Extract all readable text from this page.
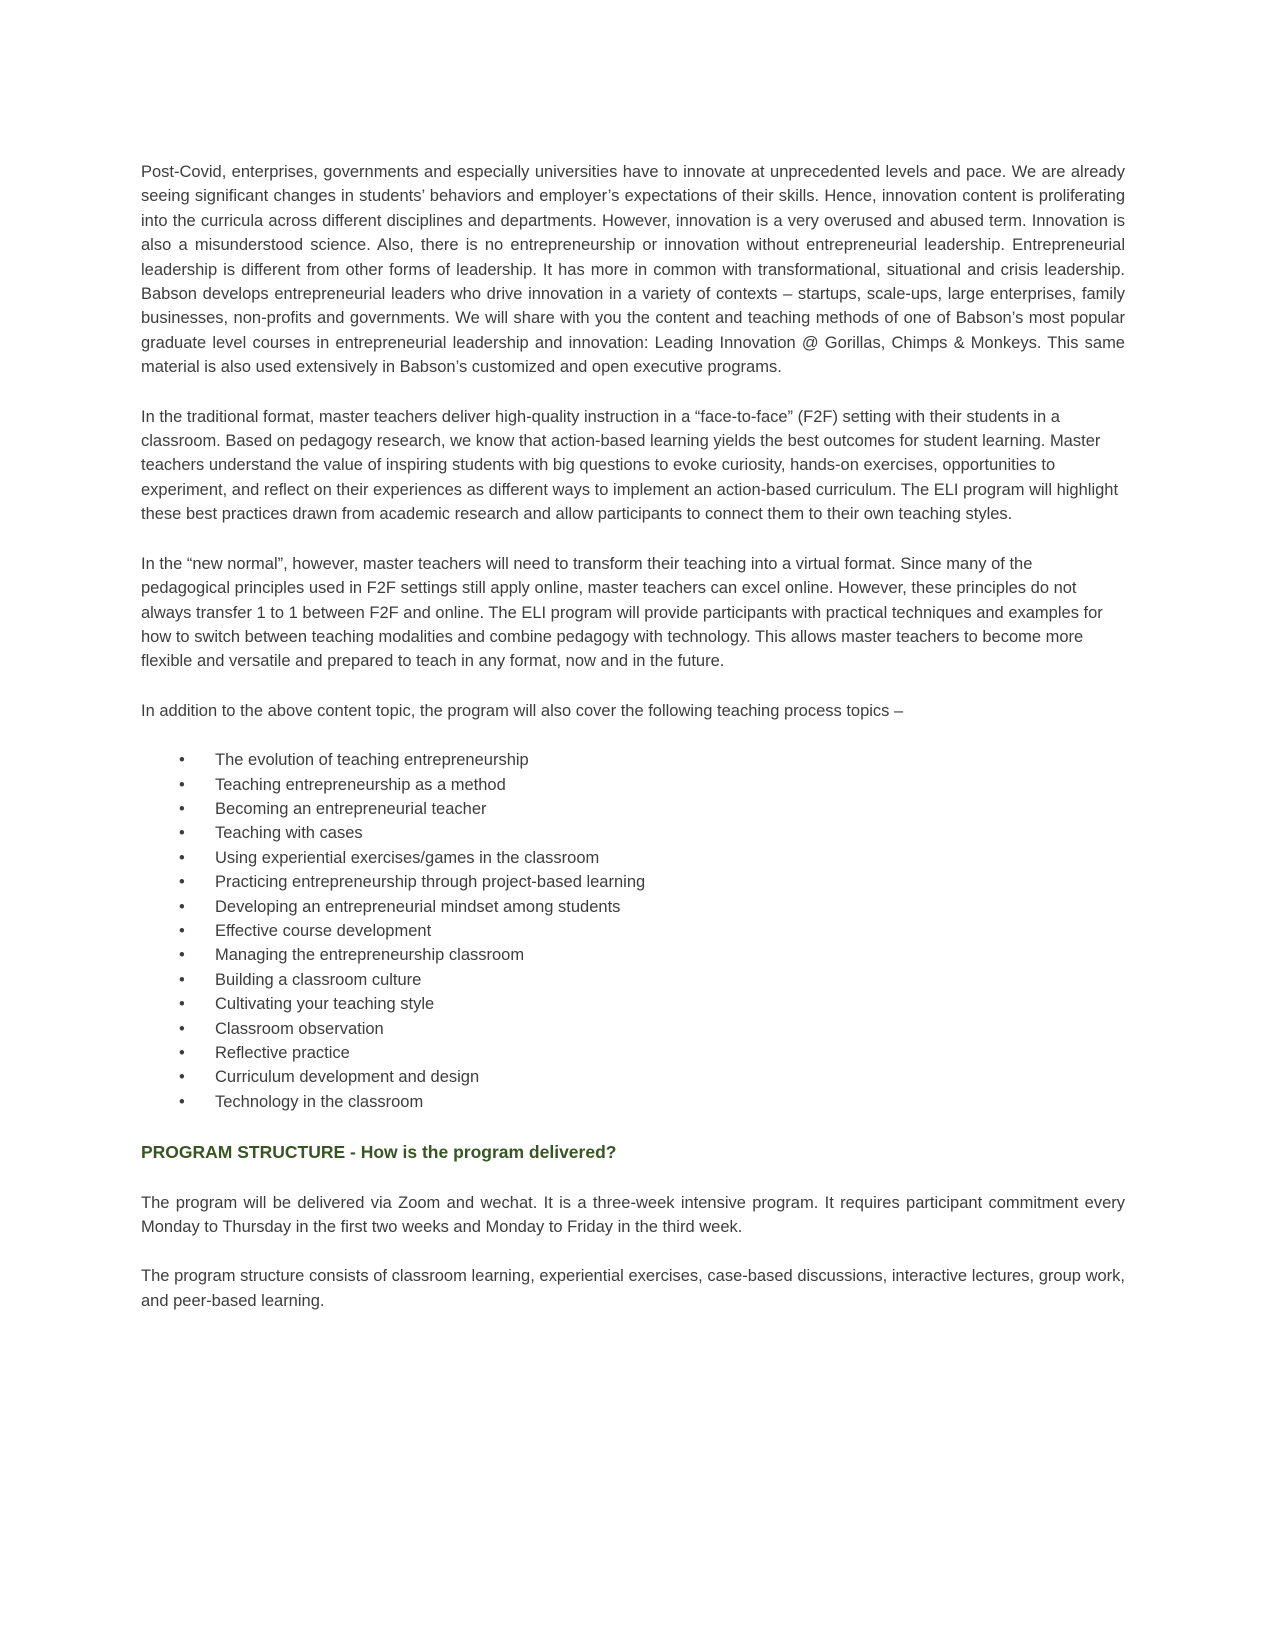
Post-Covid, enterprises, governments and especially universities have to innovate at unprecedented levels and pace. We are already seeing significant changes in students’ behaviors and employer’s expectations of their skills. Hence, innovation content is proliferating into the curricula across different disciplines and departments. However, innovation is a very overused and abused term. Innovation is also a misunderstood science. Also, there is no entrepreneurship or innovation without entrepreneurial leadership. Entrepreneurial leadership is different from other forms of leadership. It has more in common with transformational, situational and crisis leadership. Babson develops entrepreneurial leaders who drive innovation in a variety of contexts – startups, scale-ups, large enterprises, family businesses, non-profits and governments. We will share with you the content and teaching methods of one of Babson’s most popular graduate level courses in entrepreneurial leadership and innovation: Leading Innovation @ Gorillas, Chimps & Monkeys. This same material is also used extensively in Babson’s customized and open executive programs.

In the traditional format, master teachers deliver high-quality instruction in a “face-to-face” (F2F) setting with their students in a classroom. Based on pedagogy research, we know that action-based learning yields the best outcomes for student learning. Master teachers understand the value of inspiring students with big questions to evoke curiosity, hands-on exercises, opportunities to experiment, and reflect on their experiences as different ways to implement an action-based curriculum. The ELI program will highlight these best practices drawn from academic research and allow participants to connect them to their own teaching styles.

In the “new normal”, however, master teachers will need to transform their teaching into a virtual format. Since many of the pedagogical principles used in F2F settings still apply online, master teachers can excel online. However, these principles do not always transfer 1 to 1 between F2F and online. The ELI program will provide participants with practical techniques and examples for how to switch between teaching modalities and combine pedagogy with technology. This allows master teachers to become more flexible and versatile and prepared to teach in any format, now and in the future.

In addition to the above content topic, the program will also cover the following teaching process topics –

• The evolution of teaching entrepreneurship
• Teaching entrepreneurship as a method
• Becoming an entrepreneurial teacher
• Teaching with cases
• Using experiential exercises/games in the classroom
• Practicing entrepreneurship through project-based learning
• Developing an entrepreneurial mindset among students
• Effective course development
• Managing the entrepreneurship classroom
• Building a classroom culture
• Cultivating your teaching style
• Classroom observation
• Reflective practice
• Curriculum development and design
• Technology in the classroom
PROGRAM STRUCTURE - How is the program delivered?

The program will be delivered via Zoom and wechat. It is a three-week intensive program. It requires participant commitment every Monday to Thursday in the first two weeks and Monday to Friday in the third week.

The program structure consists of classroom learning, experiential exercises, case-based discussions, interactive lectures, group work, and peer-based learning.
